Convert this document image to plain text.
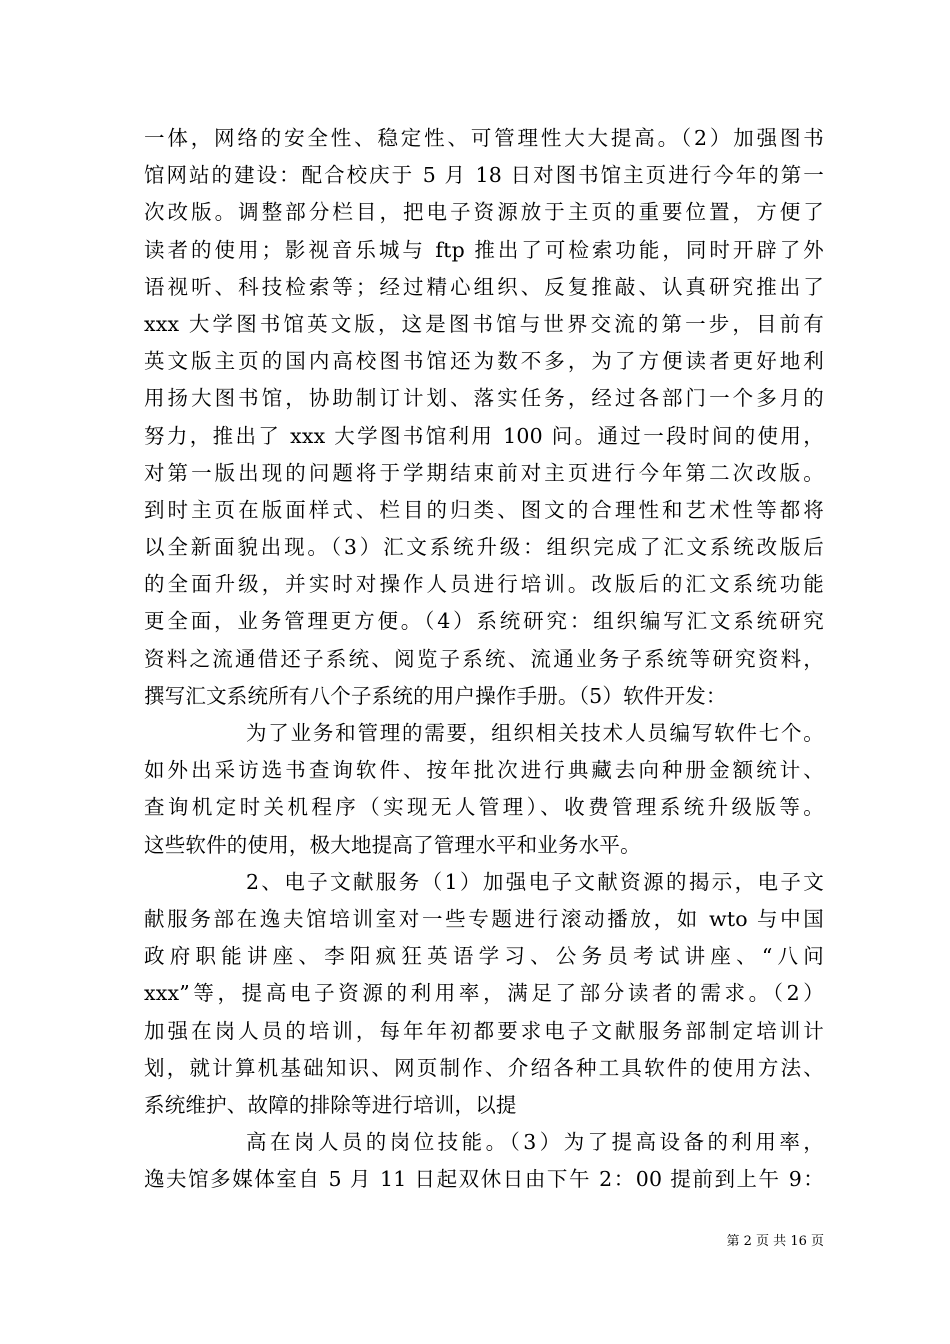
一体，网络的安全性、稳定性、可管理性大大提高。（2）加强图书
馆网站的建设：配合校庆于 5 月 18 日对图书馆主页进行今年的第一
次改版。调整部分栏目，把电子资源放于主页的重要位置，方便了
读者的使用；影视音乐城与 ftp 推出了可检索功能，同时开辟了外
语视听、科技检索等；经过精心组织、反复推敲、认真研究推出了
xxx 大学图书馆英文版，这是图书馆与世界交流的第一步，目前有
英文版主页的国内高校图书馆还为数不多，为了方便读者更好地利
用扬大图书馆，协助制订计划、落实任务，经过各部门一个多月的
努力，推出了 xxx 大学图书馆利用 100 问。通过一段时间的使用，
对第一版出现的问题将于学期结束前对主页进行今年第二次改版。
到时主页在版面样式、栏目的归类、图文的合理性和艺术性等都将
以全新面貌出现。（3）汇文系统升级：组织完成了汇文系统改版后
的全面升级，并实时对操作人员进行培训。改版后的汇文系统功能
更全面，业务管理更方便。（4）系统研究：组织编写汇文系统研究
资料之流通借还子系统、阅览子系统、流通业务子系统等研究资料，
撰写汇文系统所有八个子系统的用户操作手册。（5）软件开发：
为了业务和管理的需要，组织相关技术人员编写软件七个。
如外出采访选书查询软件、按年批次进行典藏去向种册金额统计、
查询机定时关机程序（实现无人管理）、收费管理系统升级版等。
这些软件的使用，极大地提高了管理水平和业务水平。
2、电子文献服务（1）加强电子文献资源的揭示，电子文
献服务部在逸夫馆培训室对一些专题进行滚动播放，如 wto 与中国
政府职能讲座、李阳疯狂英语学习、公务员考试讲座、“八问
xxx”等，提高电子资源的利用率，满足了部分读者的需求。（2）
加强在岗人员的培训，每年年初都要求电子文献服务部制定培训计
划，就计算机基础知识、网页制作、介绍各种工具软件的使用方法、
系统维护、故障的排除等进行培训，以提
高在岗人员的岗位技能。（3）为了提高设备的利用率，
逸夫馆多媒体室自 5 月 11 日起双休日由下午 2：00 提前到上午 9：
第 2 页 共 16 页
